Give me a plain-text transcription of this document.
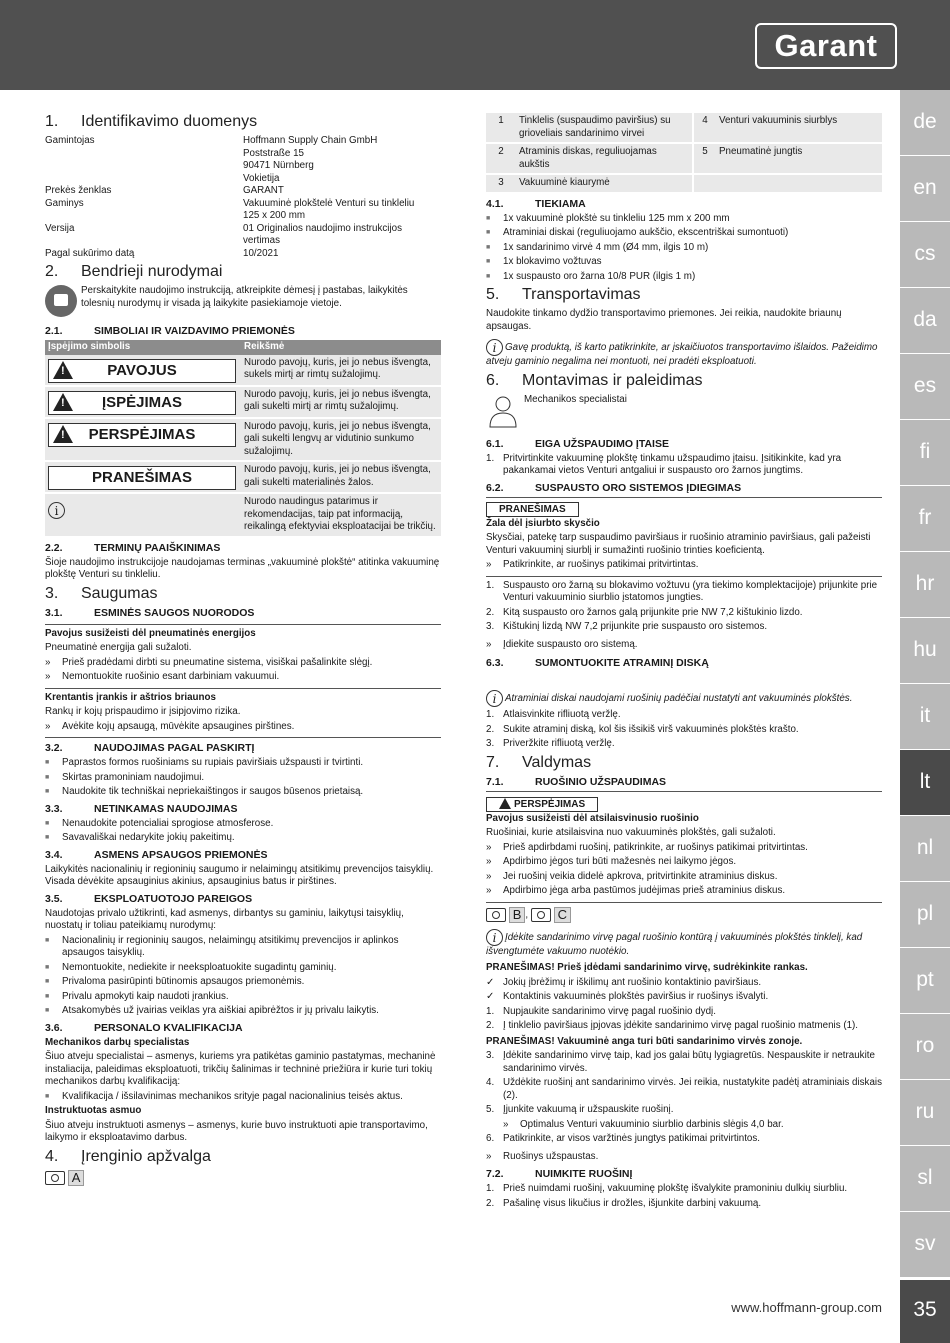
Garant
de
en
cs
da
es
fi
fr
hr
hu
it
lt
nl
pl
pt
ro
ru
sl
sv
35
www.hoffmann-group.com
1. Identifikavimo duomenys
Gamintojas	Hoffmann Supply Chain GmbH
Poststraße 15
90471 Nürnberg
Vokietija
Prekės ženklas	GARANT
Gaminys	Vakuuminė plokštelė Venturi su tinkleliu
125 x 200 mm
Versija	01 Originalios naudojimo instrukcijos
vertimas
Pagal sukūrimo datą	10/2021
2. Bendrieji nurodymai

Perskaitykite naudojimo instrukciją, atkreipkite dėmesį į pastabas, laikykitės tolesnių nurodymų ir visada ją laikykite pasiekiamoje vietoje.

2.1.	SIMBOLIAI IR VAIZDAVIMO PRIEMONĖS
Įspėjimo simbolis	Reikšmė

!
PAVOJUS	Nurodo pavojų, kuris, jei jo nebus išvengta, sukels mirtį ar rimtų sužalojimų.

!
ĮSPĖJIMAS	Nurodo pavojų, kuris, jei jo nebus išvengta, gali sukelti mirtį ar rimtų sužalojimų.

!
PERSPĖJIMAS	Nurodo pavojų, kuris, jei jo nebus išvengta, gali sukelti lengvų ar vidutinio sunkumo sužalojimų.

PRANEŠIMAS	Nurodo pavojų, kuris, jei jo nebus išvengta, gali sukelti materialinės žalos.
i	Nurodo naudingus patarimus ir rekomendacijas, taip pat informaciją, reikalingą efektyviai eksploatacijai be trikčių.
2.2.	TERMINŲ PAAIŠKINIMAS

Šioje naudojimo instrukcijoje naudojamas terminas „vakuuminė plokštė“ atitinka vakuuminę plokštę Venturi su tinkleliu.

3. Saugumas
3.1.	ESMINĖS SAUGOS NUORODOS

Pavojus susižeisti dėl pneumatinės energijos

Pneumatinė energija gali sužaloti.

» Prieš pradėdami dirbti su pneumatine sistema, visiškai pašalinkite slėgį.
» Nemontuokite ruošinio esant darbiniam vakuumui.

Krentantis įrankis ir aštrios briaunos

Rankų ir kojų prispaudimo ir įsipjovimo rizika.

» Avėkite kojų apsaugą, mūvėkite apsaugines pirštines.
3.2.	NAUDOJIMAS PAGAL PASKIRTĮ
■ Paprastos formos ruošiniams su rupiais paviršiais užspausti ir tvirtinti.
■ Skirtas pramoniniam naudojimui.
■ Naudokite tik techniškai nepriekaištingos ir saugos būsenos prietaisą.
3.3.	NETINKAMAS NAUDOJIMAS
■ Nenaudokite potencialiai sprogiose atmosferose.
■ Savavališkai nedarykite jokių pakeitimų.
3.4.	ASMENS APSAUGOS PRIEMONĖS

Laikykitės nacionalinių ir regioninių saugumo ir nelaimingų atsitikimų prevencijos taisyklių. Visada dėvėkite apsauginius akinius, apsauginius batus ir pirštines.

3.5.	EKSPLOATUOTOJO PAREIGOS

Naudotojas privalo užtikrinti, kad asmenys, dirbantys su gaminiu, laikytųsi taisyklių, nuostatų ir toliau pateikiamų nurodymų:

■ Nacionalinių ir regioninių saugos, nelaimingų atsitikimų prevencijos ir aplinkos apsaugos taisyklių.
■ Nemontuokite, nediekite ir neeksploatuokite sugadintų gaminių.
■ Privaloma pasirūpinti būtinomis apsaugos priemonėmis.
■ Privalu apmokyti kaip naudoti įrankius.
■ Atsakomybės už įvairias veiklas yra aiškiai apibrėžtos ir jų privalu laikytis.
3.6.	PERSONALO KVALIFIKACIJA

Mechanikos darbų specialistas

Šiuo atveju specialistai – asmenys, kuriems yra patikėtas gaminio pastatymas, mechaninė instaliacija, paleidimas eksploatuoti, trikčių šalinimas ir techninė priežiūra ir kurie turi tokių mechanikos darbų kvalifikaciją:

■ Kvalifikacija / išsilavinimas mechanikos srityje pagal nacionalinius teisės aktus.

Instruktuotas asmuo

Šiuo atveju instruktuoti asmenys – asmenys, kurie buvo instruktuoti apie transportavimo, laikymo ir eksploatavimo darbus.

4. Įrenginio apžvalga
A
1	Tinklelis (suspaudimo paviršius) su grioveliais sandarinimo virvei	4	Venturi vakuuminis siurblys
2	Atraminis diskas, reguliuojamas aukštis	5	Pneumatinė jungtis
3	Vakuuminė kiaurymė		
4.1.	TIEKIAMA
■ 1x vakuuminė plokštė su tinkleliu 125 mm x 200 mm
■ Atraminiai diskai (reguliuojamo aukščio, ekscentriškai sumontuoti)
■ 1x sandarinimo virvė 4 mm (Ø4 mm, ilgis 10 m)
■ 1x blokavimo vožtuvas
■ 1x suspausto oro žarna 10/8 PUR (ilgis 1 m)
5. Transportavimas

Naudokite tinkamo dydžio transportavimo priemones. Jei reikia, naudokite briaunų apsaugas.

i Gavę produktą, iš karto patikrinkite, ar įskaičiuotos transportavimo išlaidos. Pažeidimo atveju gaminio negalima nei montuoti, nei pradėti eksploatuoti.

6. Montavimas ir paleidimas
Mechanikos specialistai
6.1.	EIGA UŽSPAUDIMO ĮTAISE
1. Pritvirtinkite vakuuminę plokštę tinkamu užspaudimo įtaisu. Įsitikinkite, kad yra pakankamai vietos Venturi antgaliui ir suspausto oro žarnos jungtims.
6.2.	SUSPAUSTO ORO SISTEMOS ĮDIEGIMAS
PRANEŠIMAS

Žala dėl įsiurbto skysčio

Skysčiai, patekę tarp suspaudimo paviršiaus ir ruošinio atraminio paviršiaus, gali pažeisti Venturi vakuuminį siurblį ir sumažinti ruošinio trinties koeficientą.

» Patikrinkite, ar ruošinys patikimai pritvirtintas.
1. Suspausto oro žarną su blokavimo vožtuvu (yra tiekimo komplektacijoje) prijunkite prie Venturi vakuuminio siurblio įstatomos jungties.
2. Kitą suspausto oro žarnos galą prijunkite prie NW 7,2 kištukinio lizdo.
3. Kištukinį lizdą NW 7,2 prijunkite prie suspausto oro sistemos.
» Įdiekite suspausto oro sistemą.
6.3.	SUMONTUOKITE ATRAMINĮ DISKĄ

i Atraminiai diskai naudojami ruošinių padėčiai nustatyti ant vakuuminės plokštės.

1. Atlaisvinkite rifliuotą veržlę.
2. Sukite atraminį diską, kol šis išsikiš virš vakuuminės plokštės krašto.
3. Priveržkite rifliuotą veržlę.
7. Valdymas
7.1.	RUOŠINIO UŽSPAUDIMAS
PERSPĖJIMAS

Pavojus susižeisti dėl atsilaisvinusio ruošinio

Ruošiniai, kurie atsilaisvina nuo vakuuminės plokštės, gali sužaloti.

» Prieš apdirbdami ruošinį, patikrinkite, ar ruošinys patikimai pritvirtintas.
» Apdirbimo jėgos turi būti mažesnės nei laikymo jėgos.
» Jei ruošinį veikia didelė apkrova, pritvirtinkite atraminius diskus.
» Apdirbimo jėga arba pastūmos judėjimas prieš atraminius diskus.
B , C

i Įdėkite sandarinimo virvę pagal ruošinio kontūrą į vakuuminės plokštės tinklelį, kad išvengtumėte vakuumo nuotėkio.

PRANEŠIMAS! Prieš įdėdami sandarinimo virvę, sudrėkinkite rankas.

✓ Jokių įbrėžimų ir iškilimų ant ruošinio kontaktinio paviršiaus.
✓ Kontaktinis vakuuminės plokštės paviršius ir ruošinys išvalyti.
1. Nupjaukite sandarinimo virvę pagal ruošinio dydį.
2. Į tinklelio paviršiaus įpjovas įdėkite sandarinimo virvę pagal ruošinio matmenis (1).

PRANEŠIMAS! Vakuuminė anga turi būti sandarinimo virvės zonoje.

3. Įdėkite sandarinimo virvę taip, kad jos galai būtų lygiagretūs. Nespauskite ir netraukite sandarinimo virvės.
4. Uždėkite ruošinį ant sandarinimo virvės. Jei reikia, nustatykite padėtį atraminiais diskais (2).
5. Įjunkite vakuumą ir užspauskite ruošinį.
» Optimalus Venturi vakuuminio siurblio darbinis slėgis 4,0 bar.
6. Patikrinkite, ar visos varžtinės jungtys patikimai pritvirtintos.
» Ruošinys užspaustas.
7.2.	NUIMKITE RUOŠINĮ
1. Prieš nuimdami ruošinį, vakuuminę plokštę išvalykite pramoniniu dulkių siurbliu.
2. Pašalinę visus likučius ir drožles, išjunkite darbinį vakuumą.
